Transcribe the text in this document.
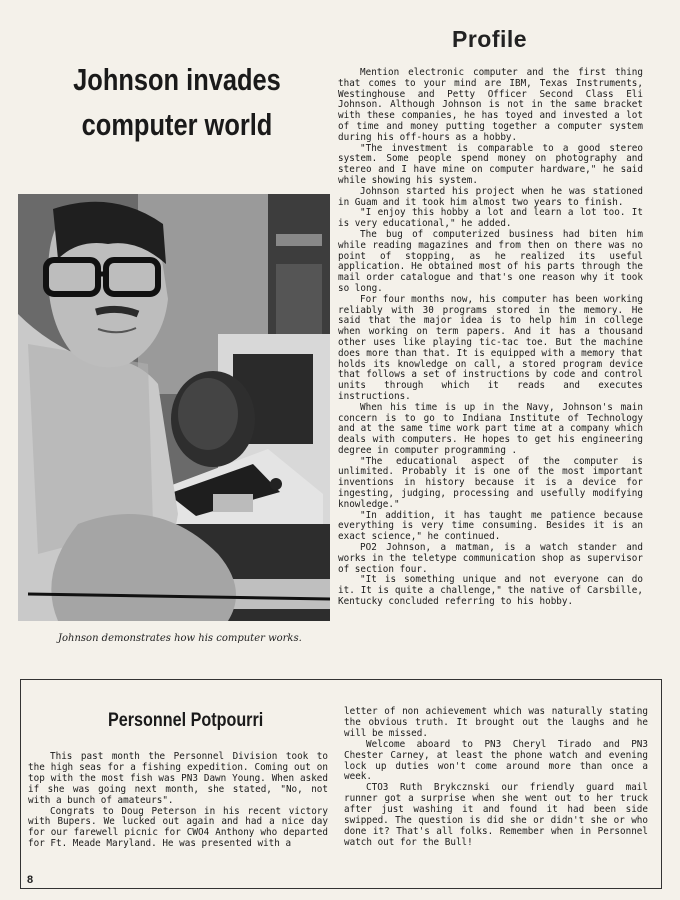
Profile
Johnson invades
computer world
Johnson demonstrates how his computer works.

Mention electronic computer and the first thing that comes to your mind are IBM, Texas Instruments, Westinghouse and Petty Officer Second Class Eli Johnson. Although Johnson is not in the same bracket with these companies, he has toyed and invested a lot of time and money putting together a computer system during his off-hours as a hobby.

"The investment is comparable to a good stereo system. Some people spend money on photography and stereo and I have mine on computer hardware," he said while showing his system.

Johnson started his project when he was stationed in Guam and it took him almost two years to finish.

"I enjoy this hobby a lot and learn a lot too. It is very educational," he added.

The bug of computerized business had biten him while reading magazines and from then on there was no point of stopping, as he realized its useful application. He obtained most of his parts through the mail order catalogue and that's one reason why it took so long.

For four months now, his computer has been working reliably with 30 programs stored in the memory. He said that the major idea is to help him in college when working on term papers. And it has a thousand other uses like playing tic-tac toe. But the machine does more than that. It is equipped with a memory that holds its knowledge on call, a stored program device that follows a set of instructions by code and control units through which it reads and executes instructions.

When his time is up in the Navy, Johnson's main concern is to go to Indiana Institute of Technology and at the same time work part time at a company which deals with computers. He hopes to get his engineering degree in computer programming .

"The educational aspect of the computer is unlimited. Probably it is one of the most important inventions in history because it is a device for ingesting, judging, processing and usefully modifying knowledge."

"In addition, it has taught me patience because everything is very time consuming. Besides it is an exact science," he continued.

PO2 Johnson, a matman, is a watch stander and works in the teletype communication shop as supervisor of section four.

"It is something unique and not everyone can do it. It is quite a challenge," the native of Carsbille, Kentucky concluded referring to his hobby.

Personnel Potpourri

This past month the Personnel Division took to the high seas for a fishing expedition. Coming out on top with the most fish was PN3 Dawn Young. When asked if she was going next month, she stated, "No, not with a bunch of amateurs".

Congrats to Doug Peterson in his recent victory with Bupers. We lucked out again and had a nice day for our farewell picnic for CWO4 Anthony who departed for Ft. Meade Maryland. He was presented with a

letter of non achievement which was naturally stating the obvious truth. It brought out the laughs and he will be missed.

Welcome aboard to PN3 Cheryl Tirado and PN3 Chester Carney, at least the phone watch and evening lock up duties won't come around more than once a week.

CTO3 Ruth Brykcznski our friendly guard mail runner got a surprise when she went out to her truck after just washing it and found it had been side swipped. The question is did she or didn't she or who done it? That's all folks. Remember when in Personnel watch out for the Bull!

8
